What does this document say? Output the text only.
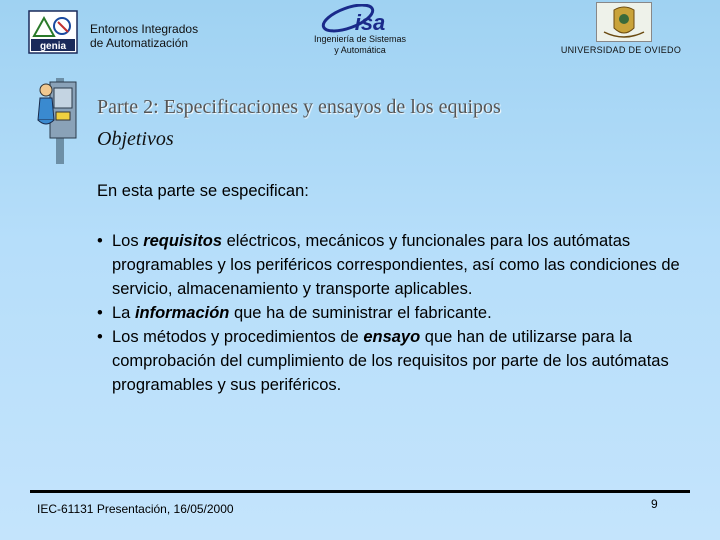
genia
Entornos Integrados
de Automatización
isa
Ingeniería de Sistemas
y Automática	UNIVERSIDAD DE OVIEDO
Parte 2: Especificaciones y ensayos de los equipos
Objetivos
En esta parte se especifican:
• Los requisitos eléctricos, mecánicos y funcionales para los autómatas programables y los periféricos correspondientes, así como las condiciones de servicio, almacenamiento y transporte aplicables.
• La información que ha de suministrar el fabricante.
• Los métodos y procedimientos de ensayo que han de utilizarse para la comprobación del cumplimiento de los requisitos por parte de los autómatas programables y sus periféricos.
IEC-61131 Presentación, 16/05/2000	9
